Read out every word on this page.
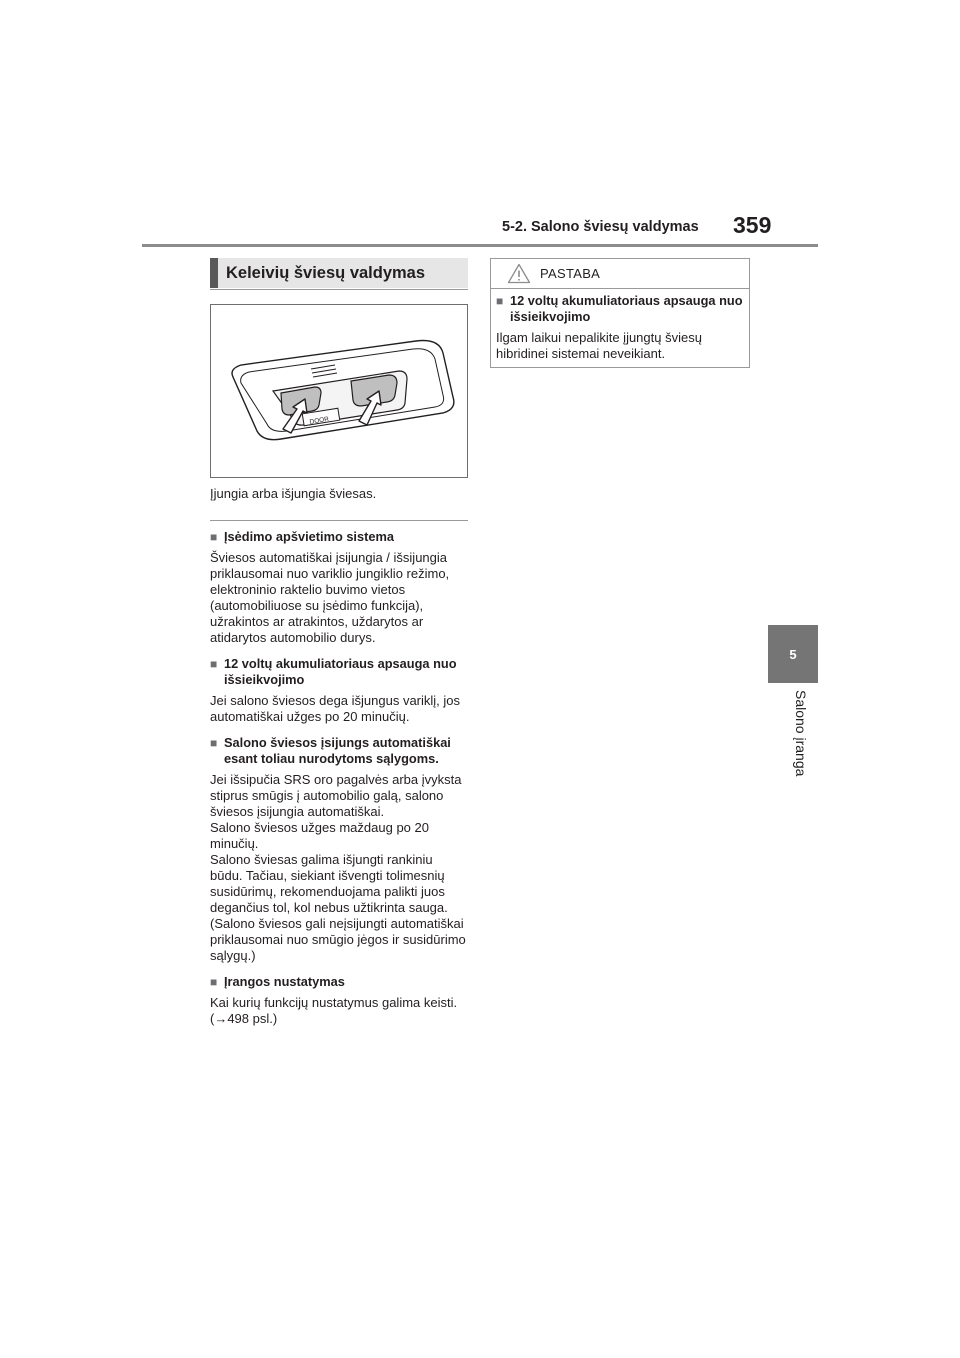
5-2. Salono šviesų valdymas 359
5
Salono įranga
Keleivių šviesų valdymas
DOOR
Įjungia arba išjungia šviesas.
■ Įsėdimo apšvietimo sistema
Šviesos automatiškai įsijungia / išsijungia priklausomai nuo variklio jungiklio režimo, elektroninio raktelio buvimo vietos (automobiliuose su įsėdimo funkcija), užrakintos ar atrakintos, uždarytos ar atidarytos automobilio durys.
■ 12 voltų akumuliatoriaus apsauga nuo išsieikvojimo
Jei salono šviesos dega išjungus variklį, jos automatiškai užges po 20 minučių.
■ Salono šviesos įsijungs automatiškai esant toliau nurodytoms sąlygoms.
Jei išsipučia SRS oro pagalvės arba įvyksta stiprus smūgis į automobilio galą, salono šviesos įsijungia automatiškai.
Salono šviesos užges maždaug po 20 minučių.
Salono šviesas galima išjungti rankiniu būdu. Tačiau, siekiant išvengti tolimesnių susidūrimų, rekomenduojama palikti juos degančius tol, kol nebus užtikrinta sauga.
(Salono šviesos gali neįsijungti automatiškai priklausomai nuo smūgio jėgos ir susidūrimo sąlygų.)
■ Įrangos nustatymas
Kai kurių funkcijų nustatymus galima keisti. (→498 psl.)
PASTABA
■ 12 voltų akumuliatoriaus apsauga nuo išsieikvojimo
Ilgam laikui nepalikite įjungtų šviesų hibridinei sistemai neveikiant.
